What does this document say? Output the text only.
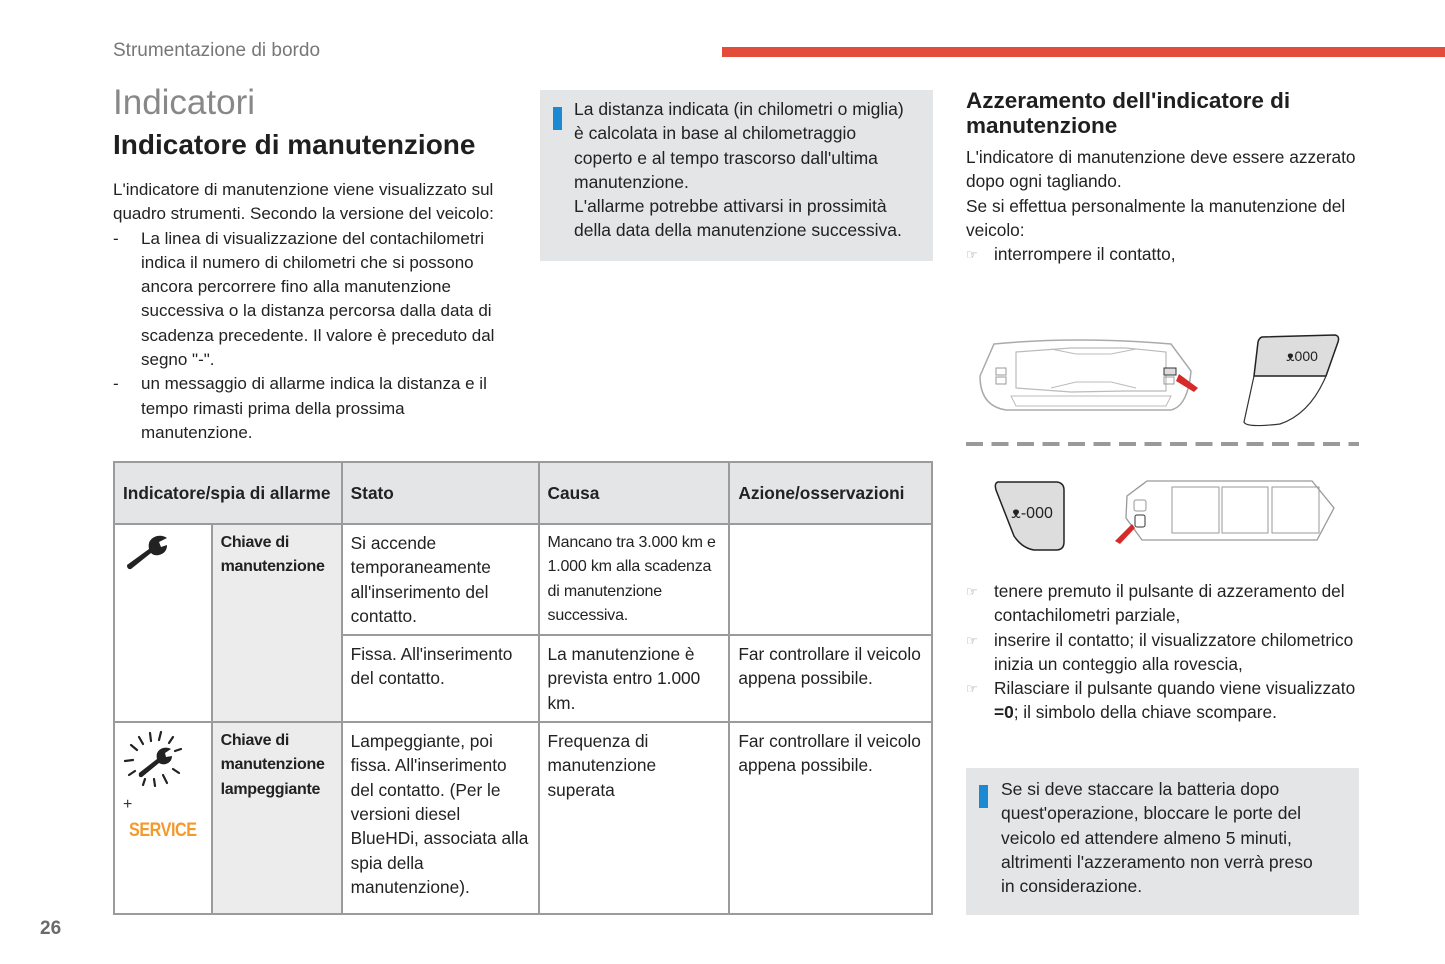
Strumentazione di bordo
Indicatori
Indicatore di manutenzione
L'indicatore di manutenzione viene visualizzato sul quadro strumenti. Secondo la versione del veicolo:
- La linea di visualizzazione del contachilometri indica il numero di chilometri che si possono ancora percorrere fino alla manutenzione successiva o la distanza percorsa dalla data di scadenza precedente. Il valore è preceduto dal segno "-".
- un messaggio di allarme indica la distanza e il tempo rimasti prima della prossima manutenzione.
La distanza indicata (in chilometri o miglia)
è calcolata in base al chilometraggio
coperto e al tempo trascorso dall'ultima
manutenzione.
L'allarme potrebbe attivarsi in prossimità
della data della manutenzione successiva.
Azzeramento dell'indicatore di manutenzione
L'indicatore di manutenzione deve essere azzerato dopo ogni tagliando.
Se si effettua personalmente la manutenzione del veicolo:
☞ interrompere il contatto,
ᴥ000
ᴥ-000
☞ tenere premuto il pulsante di azzeramento del contachilometri parziale,
☞ inserire il contatto; il visualizzatore chilometrico inizia un conteggio alla rovescia,
☞ Rilasciare il pulsante quando viene visualizzato =0; il simbolo della chiave scompare.
Se si deve staccare la batteria dopo
quest'operazione, bloccare le porte del
veicolo ed attendere almeno 5 minuti,
altrimenti l'azzeramento non verrà preso
in considerazione.
Indicatore/spia di allarme		Stato	Causa	Azione/osservazioni
	Chiave di manutenzione	Si accende temporaneamente all'inserimento del contatto.	Mancano tra 3.000 km e 1.000 km alla scadenza di manutenzione successiva.	
		Fissa. All'inserimento del contatto.	La manutenzione è prevista entro 1.000 km.	Far controllare il veicolo appena possibile.

+
SERVICE	Chiave di manutenzione lampeggiante	Lampeggiante, poi fissa. All'inserimento del contatto. (Per le versioni diesel BlueHDi, associata alla spia della manutenzione).	Frequenza di manutenzione superata	Far controllare il veicolo appena possibile.
26
